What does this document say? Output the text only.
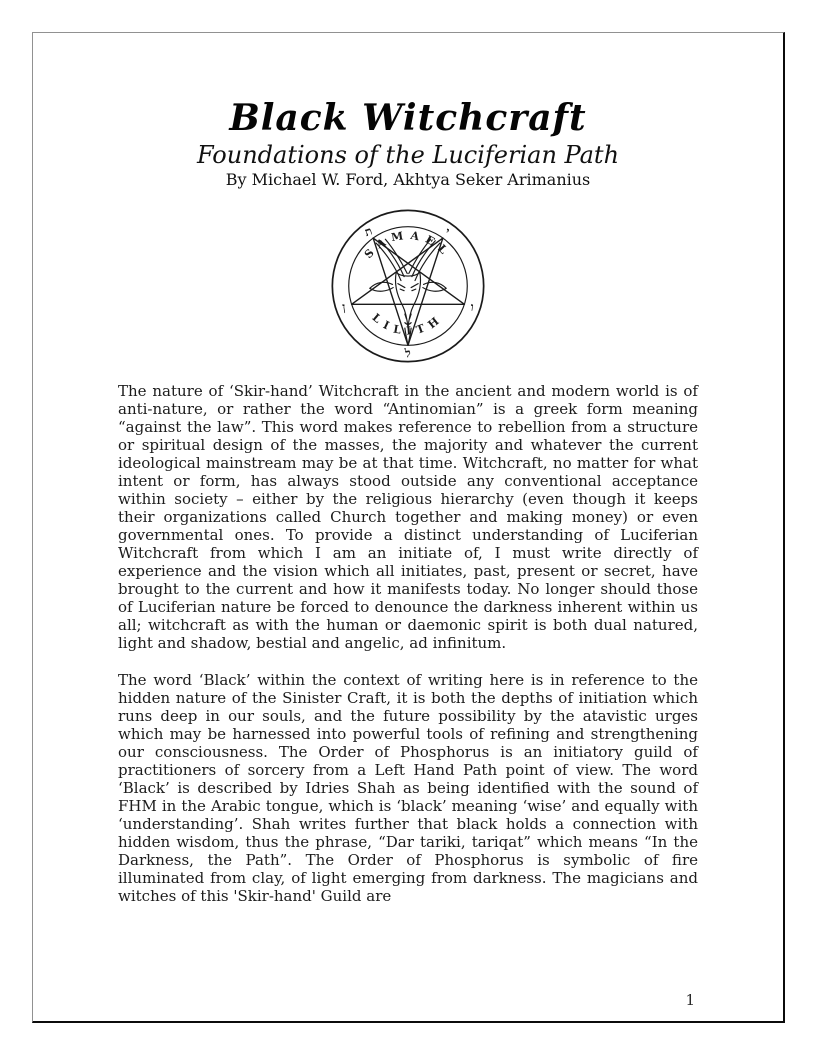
Black Witchcraft
Foundations of the Luciferian Path
By Michael W. Ford, Akhtya Seker Arimanius
SAMAEL
LILITH
ל
ן	ו
ת	י

The nature of ‘Skir-hand’ Witchcraft in the ancient and modern world is of anti-nature, or rather the word “Antinomian” is a greek form meaning “against the law”. This word makes reference to rebellion from a structure or spiritual design of the masses, the majority and whatever the current ideological mainstream may be at that time. Witchcraft, no matter for what intent or form, has always stood outside any conventional acceptance within society – either by the religious hierarchy (even though it keeps their organizations called Church together and making money) or even governmental ones. To provide a distinct understanding of Luciferian Witchcraft from which I am an initiate of, I must write directly of experience and the vision which all initiates, past, present or secret, have brought to the current and how it manifests today. No longer should those of Luciferian nature be forced to denounce the darkness inherent within us all; witchcraft as with the human or daemonic spirit is both dual natured, light and shadow, bestial and angelic, ad infinitum.

The word ‘Black’ within the context of writing here is in reference to the hidden nature of the Sinister Craft, it is both the depths of initiation which runs deep in our souls, and the future possibility by the atavistic urges which may be harnessed into powerful tools of refining and strengthening our consciousness. The Order of Phosphorus is an initiatory guild of practitioners of sorcery from a Left Hand Path point of view. The word ‘Black’ is described by Idries Shah as being identified with the sound of FHM in the Arabic tongue, which is ‘black’ meaning ‘wise’ and equally with ‘understanding’. Shah writes further that black holds a connection with hidden wisdom, thus the phrase, “Dar tariki, tariqat” which means “In the Darkness, the Path”. The Order of Phosphorus is symbolic of fire illuminated from clay, of light emerging from darkness. The magicians and witches of this 'Skir-hand' Guild are

1
